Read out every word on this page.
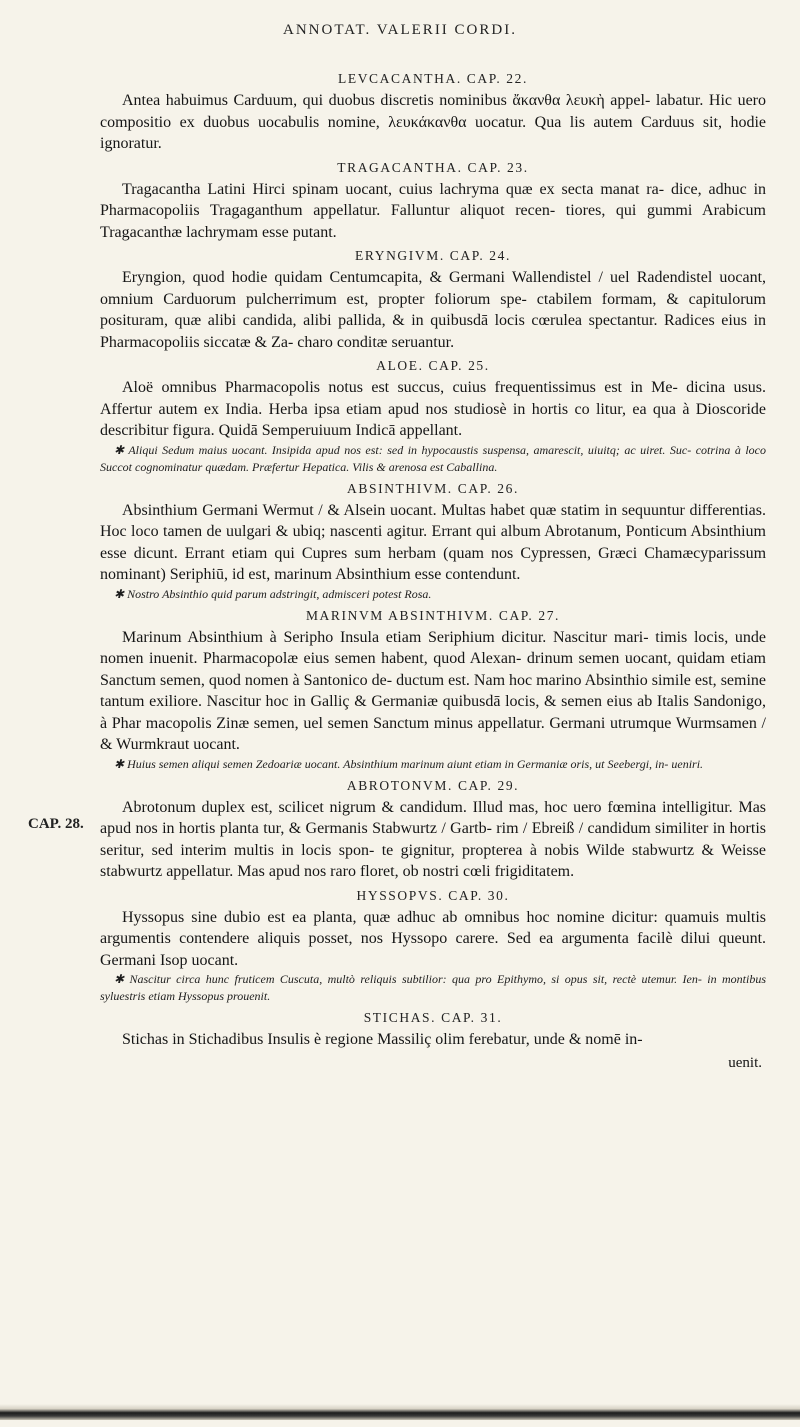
ANNOTAT. VALERII CORDI.
CAP. 28.
LEVCACANTHA. CAP. 22.
Antea habuimus Carduum, qui duobus discretis nominibus ἄκανθα λευκὴ appel- labatur. Hic uero compositio ex duobus uocabulis nomine, λευκάκανθα uocatur. Qua lis autem Carduus sit, hodie ignoratur.
TRAGACANTHA. CAP. 23.
Tragacantha Latini Hirci spinam uocant, cuius lachryma quæ ex secta manat ra- dice, adhuc in Pharmacopoliis Tragaganthum appellatur. Falluntur aliquot recen- tiores, qui gummi Arabicum Tragacanthæ lachrymam esse putant.
ERYNGIVM. CAP. 24.
Eryngion, quod hodie quidam Centumcapita, & Germani Wallendistel / uel Radendistel uocant, omnium Carduorum pulcherrimum est, propter foliorum spe- ctabilem formam, & capitulorum posituram, quæ alibi candida, alibi pallida, & in quibusdā locis cœrulea spectantur. Radices eius in Pharmacopoliis siccatæ & Za- charo conditæ seruantur.
ALOE. CAP. 25.
Aloë omnibus Pharmacopolis notus est succus, cuius frequentissimus est in Me- dicina usus. Affertur autem ex India. Herba ipsa etiam apud nos studiosè in hortis co litur, ea qua à Dioscoride describitur figura. Quidā Semperuiuum Indicā appellant.
✱ Aliqui Sedum maius uocant. Insipida apud nos est: sed in hypocaustis suspensa, amarescit, uiuitq; ac uiret. Suc- cotrina à loco Succot cognominatur quædam. Præfertur Hepatica. Vilis & arenosa est Caballina.
ABSINTHIVM. CAP. 26.
Absinthium Germani Wermut / & Alsein uocant. Multas habet quæ statim in sequuntur differentias. Hoc loco tamen de uulgari & ubiq; nascenti agitur. Errant qui album Abrotanum, Ponticum Absinthium esse dicunt. Errant etiam qui Cupres sum herbam (quam nos Cypressen, Græci Chamæcyparissum nominant) Seriphiū, id est, marinum Absinthium esse contendunt.
✱ Nostro Absinthio quid parum adstringit, admisceri potest Rosa.
MARINVM ABSINTHIVM. CAP. 27.
Marinum Absinthium à Seripho Insula etiam Seriphium dicitur. Nascitur mari- timis locis, unde nomen inuenit. Pharmacopolæ eius semen habent, quod Alexan- drinum semen uocant, quidam etiam Sanctum semen, quod nomen à Santonico de- ductum est. Nam hoc marino Absinthio simile est, semine tantum exiliore. Nascitur hoc in Galliç & Germaniæ quibusdā locis, & semen eius ab Italis Sandonigo, à Phar macopolis Zinæ semen, uel semen Sanctum minus appellatur. Germani utrumque Wurmsamen / & Wurmkraut uocant.
✱ Huius semen aliqui semen Zedoariæ uocant. Absinthium marinum aiunt etiam in Germaniæ oris, ut Seebergi, in- ueniri.
ABROTONVM. CAP. 29.
Abrotonum duplex est, scilicet nigrum & candidum. Illud mas, hoc uero fœmina intelligitur. Mas apud nos in hortis planta tur, & Germanis Stabwurtz / Gartb- rim / Ebreiß / candidum similiter in hortis seritur, sed interim multis in locis spon- te gignitur, propterea à nobis Wilde stabwurtz & Weisse stabwurtz appellatur. Mas apud nos raro floret, ob nostri cœli frigiditatem.
HYSSOPVS. CAP. 30.
Hyssopus sine dubio est ea planta, quæ adhuc ab omnibus hoc nomine dicitur: quamuis multis argumentis contendere aliquis posset, nos Hyssopo carere. Sed ea argumenta facilè dilui queunt. Germani Isop uocant.
✱ Nascitur circa hunc fruticem Cuscuta, multò reliquis subtilior: qua pro Epithymo, si opus sit, rectè utemur. Ien- in montibus syluestris etiam Hyssopus prouenit.
STICHAS. CAP. 31.
Stichas in Stichadibus Insulis è regione Massiliç olim ferebatur, unde & nomē in-
uenit.
